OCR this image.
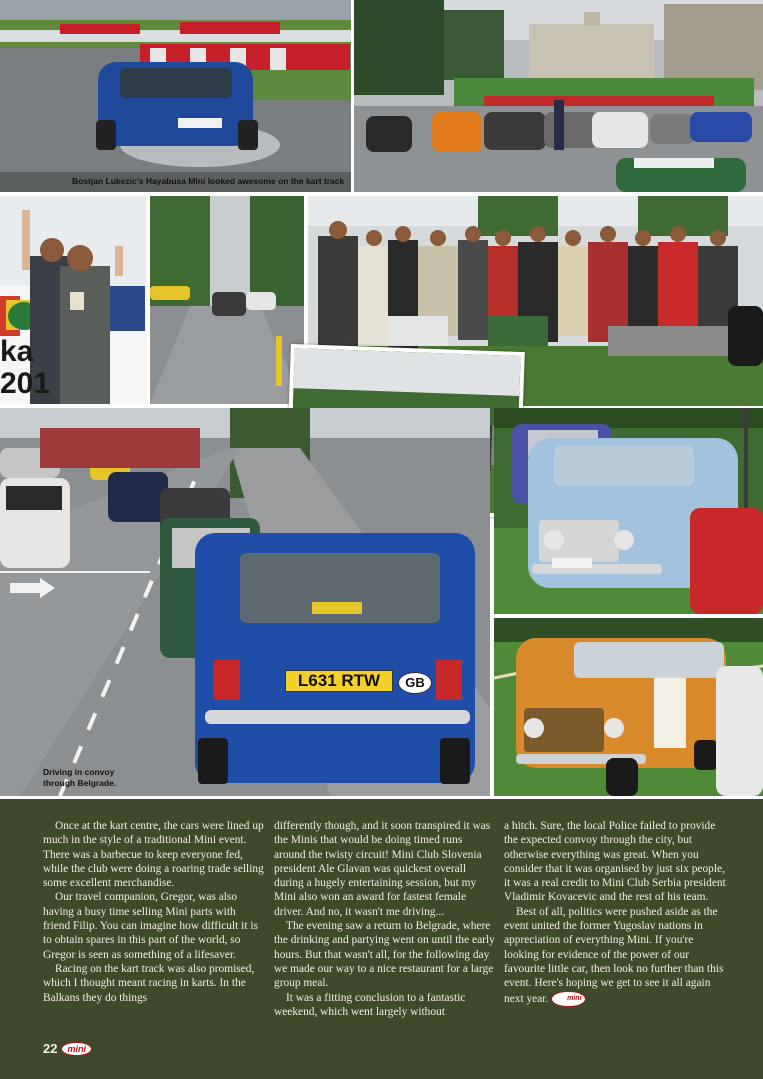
Bostjan Lukezic's Hayabusa Mini looked awesome on the kart track
ka
201
L631 RTW	GB
Driving in convoy
through Belgrade.

Once at the kart centre, the cars were lined up much in the style of a traditional Mini event. There was a barbecue to keep everyone fed, while the club were doing a roaring trade selling some excellent merchandise.

Our travel companion, Gregor, was also having a busy time selling Mini parts with friend Filip. You can imagine how difficult it is to obtain spares in this part of the world, so Gregor is seen as something of a lifesaver.

Racing on the kart track was also promised, which I thought meant racing in karts. In the Balkans they do things

differently though, and it soon transpired it was the Minis that would be doing timed runs around the twisty circuit! Mini Club Slovenia president Ale Glavan was quickest overall during a hugely entertaining session, but my Mini also won an award for fastest female driver. And no, it wasn't me driving...

The evening saw a return to Belgrade, where the drinking and partying went on until the early hours. But that wasn't all, for the following day we made our way to a nice restaurant for a large group meal.

It was a fitting conclusion to a fantastic weekend, which went largely without

a hitch. Sure, the local Police failed to provide the expected convoy through the city, but otherwise everything was great. When you consider that it was organised by just six people, it was a real credit to Mini Club Serbia president Vladimir Kovacevic and the rest of his team.

Best of all, politics were pushed aside as the event united the former Yugoslav nations in appreciation of everything Mini. If you're looking for evidence of the power of our favourite little car, then look no further than this event. Here's hoping we get to see it all again next year.	mini

22	mini
